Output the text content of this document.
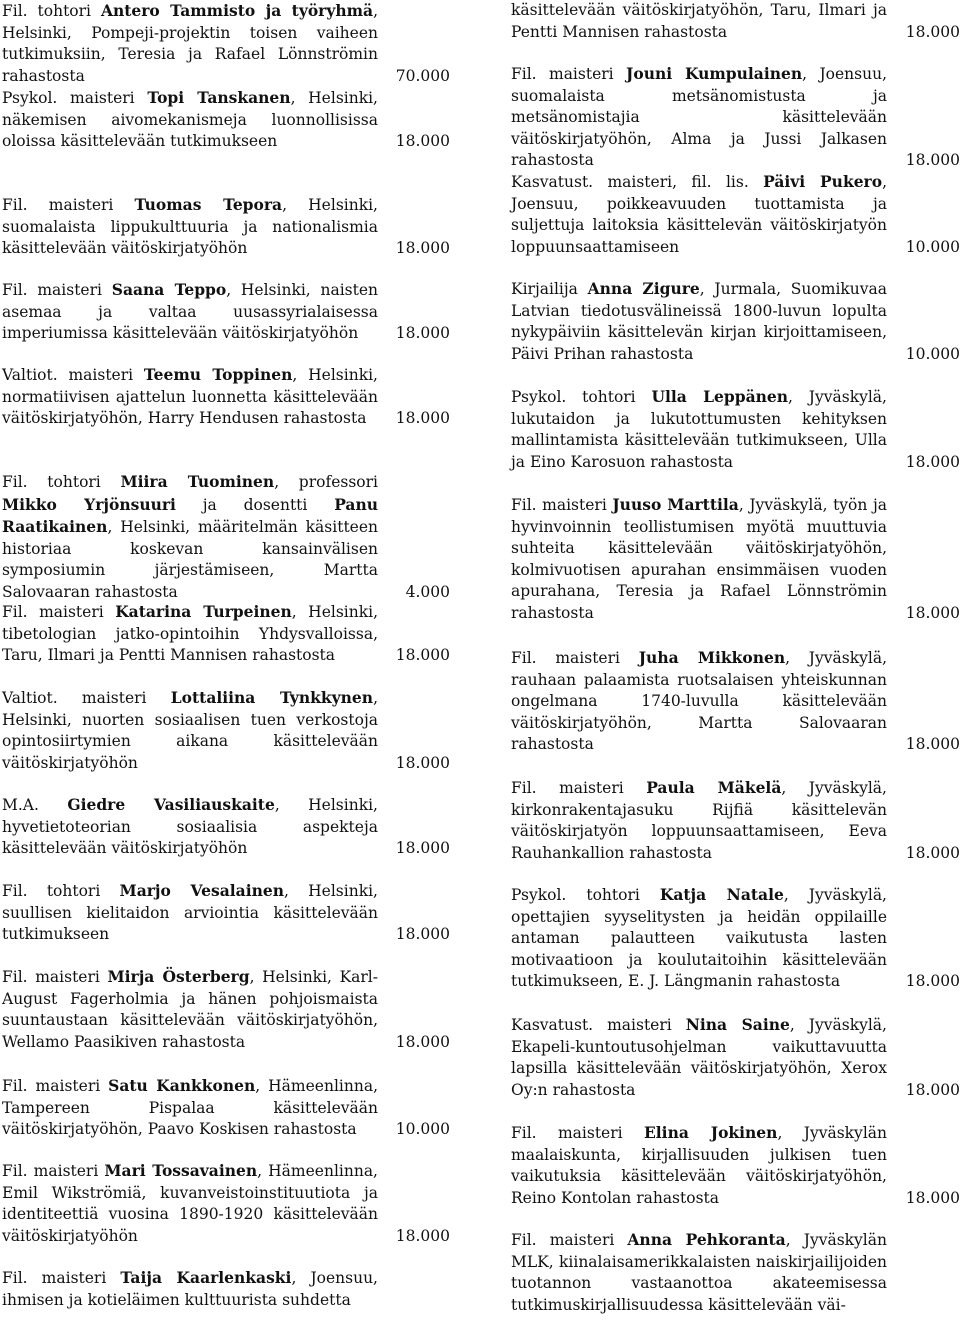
Fil. tohtori Antero Tammisto ja työryhmä, Helsinki, Pompeji-projektin toisen vaiheen tutkimuksiin, Teresia ja Rafael Lönnströmin rahastosta	70.000
Psykol. maisteri Topi Tanskanen, Helsinki, näkemisen aivomekanismeja luonnollisissa oloissa käsittelevään tutkimukseen	18.000
Fil. maisteri Tuomas Tepora, Helsinki, suomalaista lippukulttuuria ja nationalismia käsittelevään väitöskirjatyöhön	18.000
Fil. maisteri Saana Teppo, Helsinki, naisten asemaa ja valtaa uusassyrialaisessa imperiumissa käsittelevään väitöskirjatyöhön	18.000
Valtiot. maisteri Teemu Toppinen, Helsinki, normatiivisen ajattelun luonnetta käsittelevään väitöskirjatyöhön, Harry Hendusen rahastosta	18.000
Fil. tohtori Miira Tuominen, professori Mikko Yrjönsuuri ja dosentti Panu Raatikainen, Helsinki, määritelmän käsitteen historiaa koskevan kansainvälisen symposiumin järjestämiseen, Martta Salovaaran rahastosta	4.000
Fil. maisteri Katarina Turpeinen, Helsinki, tibetologian jatko-opintoihin Yhdysvalloissa, Taru, Ilmari ja Pentti Mannisen rahastosta	18.000
Valtiot. maisteri Lottaliina Tynkkynen, Helsinki, nuorten sosiaalisen tuen verkostoja opintosiirtymien aikana käsittelevään väitöskirjatyöhön	18.000
M.A. Giedre Vasiliauskaite, Helsinki, hyvetietoteorian sosiaalisia aspekteja käsittelevään väitöskirjatyöhön	18.000
Fil. tohtori Marjo Vesalainen, Helsinki, suullisen kielitaidon arviointia käsittelevään tutkimukseen	18.000
Fil. maisteri Mirja Österberg, Helsinki, Karl-August Fagerholmia ja hänen pohjoismaista suuntaustaan käsittelevään väitöskirjatyöhön, Wellamo Paasikiven rahastosta	18.000
Fil. maisteri Satu Kankkonen, Hämeenlinna, Tampereen Pispalaa käsittelevään väitöskirjatyöhön, Paavo Koskisen rahastosta	10.000
Fil. maisteri Mari Tossavainen, Hämeenlinna, Emil Wikströmiä, kuvanveistoinstituutiota ja identiteettiä vuosina 1890-1920 käsittelevään väitöskirjatyöhön	18.000
Fil. maisteri Taija Kaarlenkaski, Joensuu, ihmisen ja kotieläimen kulttuurista suhdetta
käsittelevään väitöskirjatyöhön, Taru, Ilmari ja Pentti Mannisen rahastosta	18.000
Fil. maisteri Jouni Kumpulainen, Joensuu, suomalaista metsänomistusta ja metsänomistajia käsittelevään väitöskirjatyöhön, Alma ja Jussi Jalkasen rahastosta	18.000
Kasvatust. maisteri, fil. lis. Päivi Pukero, Joensuu, poikkeavuuden tuottamista ja suljettuja laitoksia käsittelevän väitöskirjatyön loppuunsaattamiseen	10.000
Kirjailija Anna Zigure, Jurmala, Suomikuvaa Latvian tiedotusvälineissä 1800-luvun lopulta nykypäiviin käsittelevän kirjan kirjoittamiseen, Päivi Prihan rahastosta	10.000
Psykol. tohtori Ulla Leppänen, Jyväskylä, lukutaidon ja lukutottumusten kehityksen mallintamista käsittelevään tutkimukseen, Ulla ja Eino Karosuon rahastosta	18.000
Fil. maisteri Juuso Marttila, Jyväskylä, työn ja hyvinvoinnin teollistumisen myötä muuttuvia suhteita käsittelevään väitöskirjatyöhön, kolmivuotisen apurahan ensimmäisen vuoden apurahana, Teresia ja Rafael Lönnströmin rahastosta	18.000
Fil. maisteri Juha Mikkonen, Jyväskylä, rauhaan palaamista ruotsalaisen yhteiskunnan ongelmana 1740-luvulla käsittelevään väitöskirjatyöhön, Martta Salovaaran rahastosta	18.000
Fil. maisteri Paula Mäkelä, Jyväskylä, kirkonrakentajasuku Rijfiä käsittelevän väitöskirjatyön loppuunsaattamiseen, Eeva Rauhankallion rahastosta	18.000
Psykol. tohtori Katja Natale, Jyväskylä, opettajien syyselitysten ja heidän oppilaille antaman palautteen vaikutusta lasten motivaatioon ja koulutaitoihin käsittelevään tutkimukseen, E. J. Längmanin rahastosta	18.000
Kasvatust. maisteri Nina Saine, Jyväskylä, Ekapeli-kuntoutusohjelman vaikuttavuutta lapsilla käsittelevään väitöskirjatyöhön, Xerox Oy:n rahastosta	18.000
Fil. maisteri Elina Jokinen, Jyväskylän maalaiskunta, kirjallisuuden julkisen tuen vaikutuksia käsittelevään väitöskirjatyöhön, Reino Kontolan rahastosta	18.000
Fil. maisteri Anna Pehkoranta, Jyväskylän MLK, kiinalaisamerikkalaisten naiskirjailijoiden tuotannon vastaanottoa akateemisessa tutkimuskirjallisuudessa käsittelevään väi-
